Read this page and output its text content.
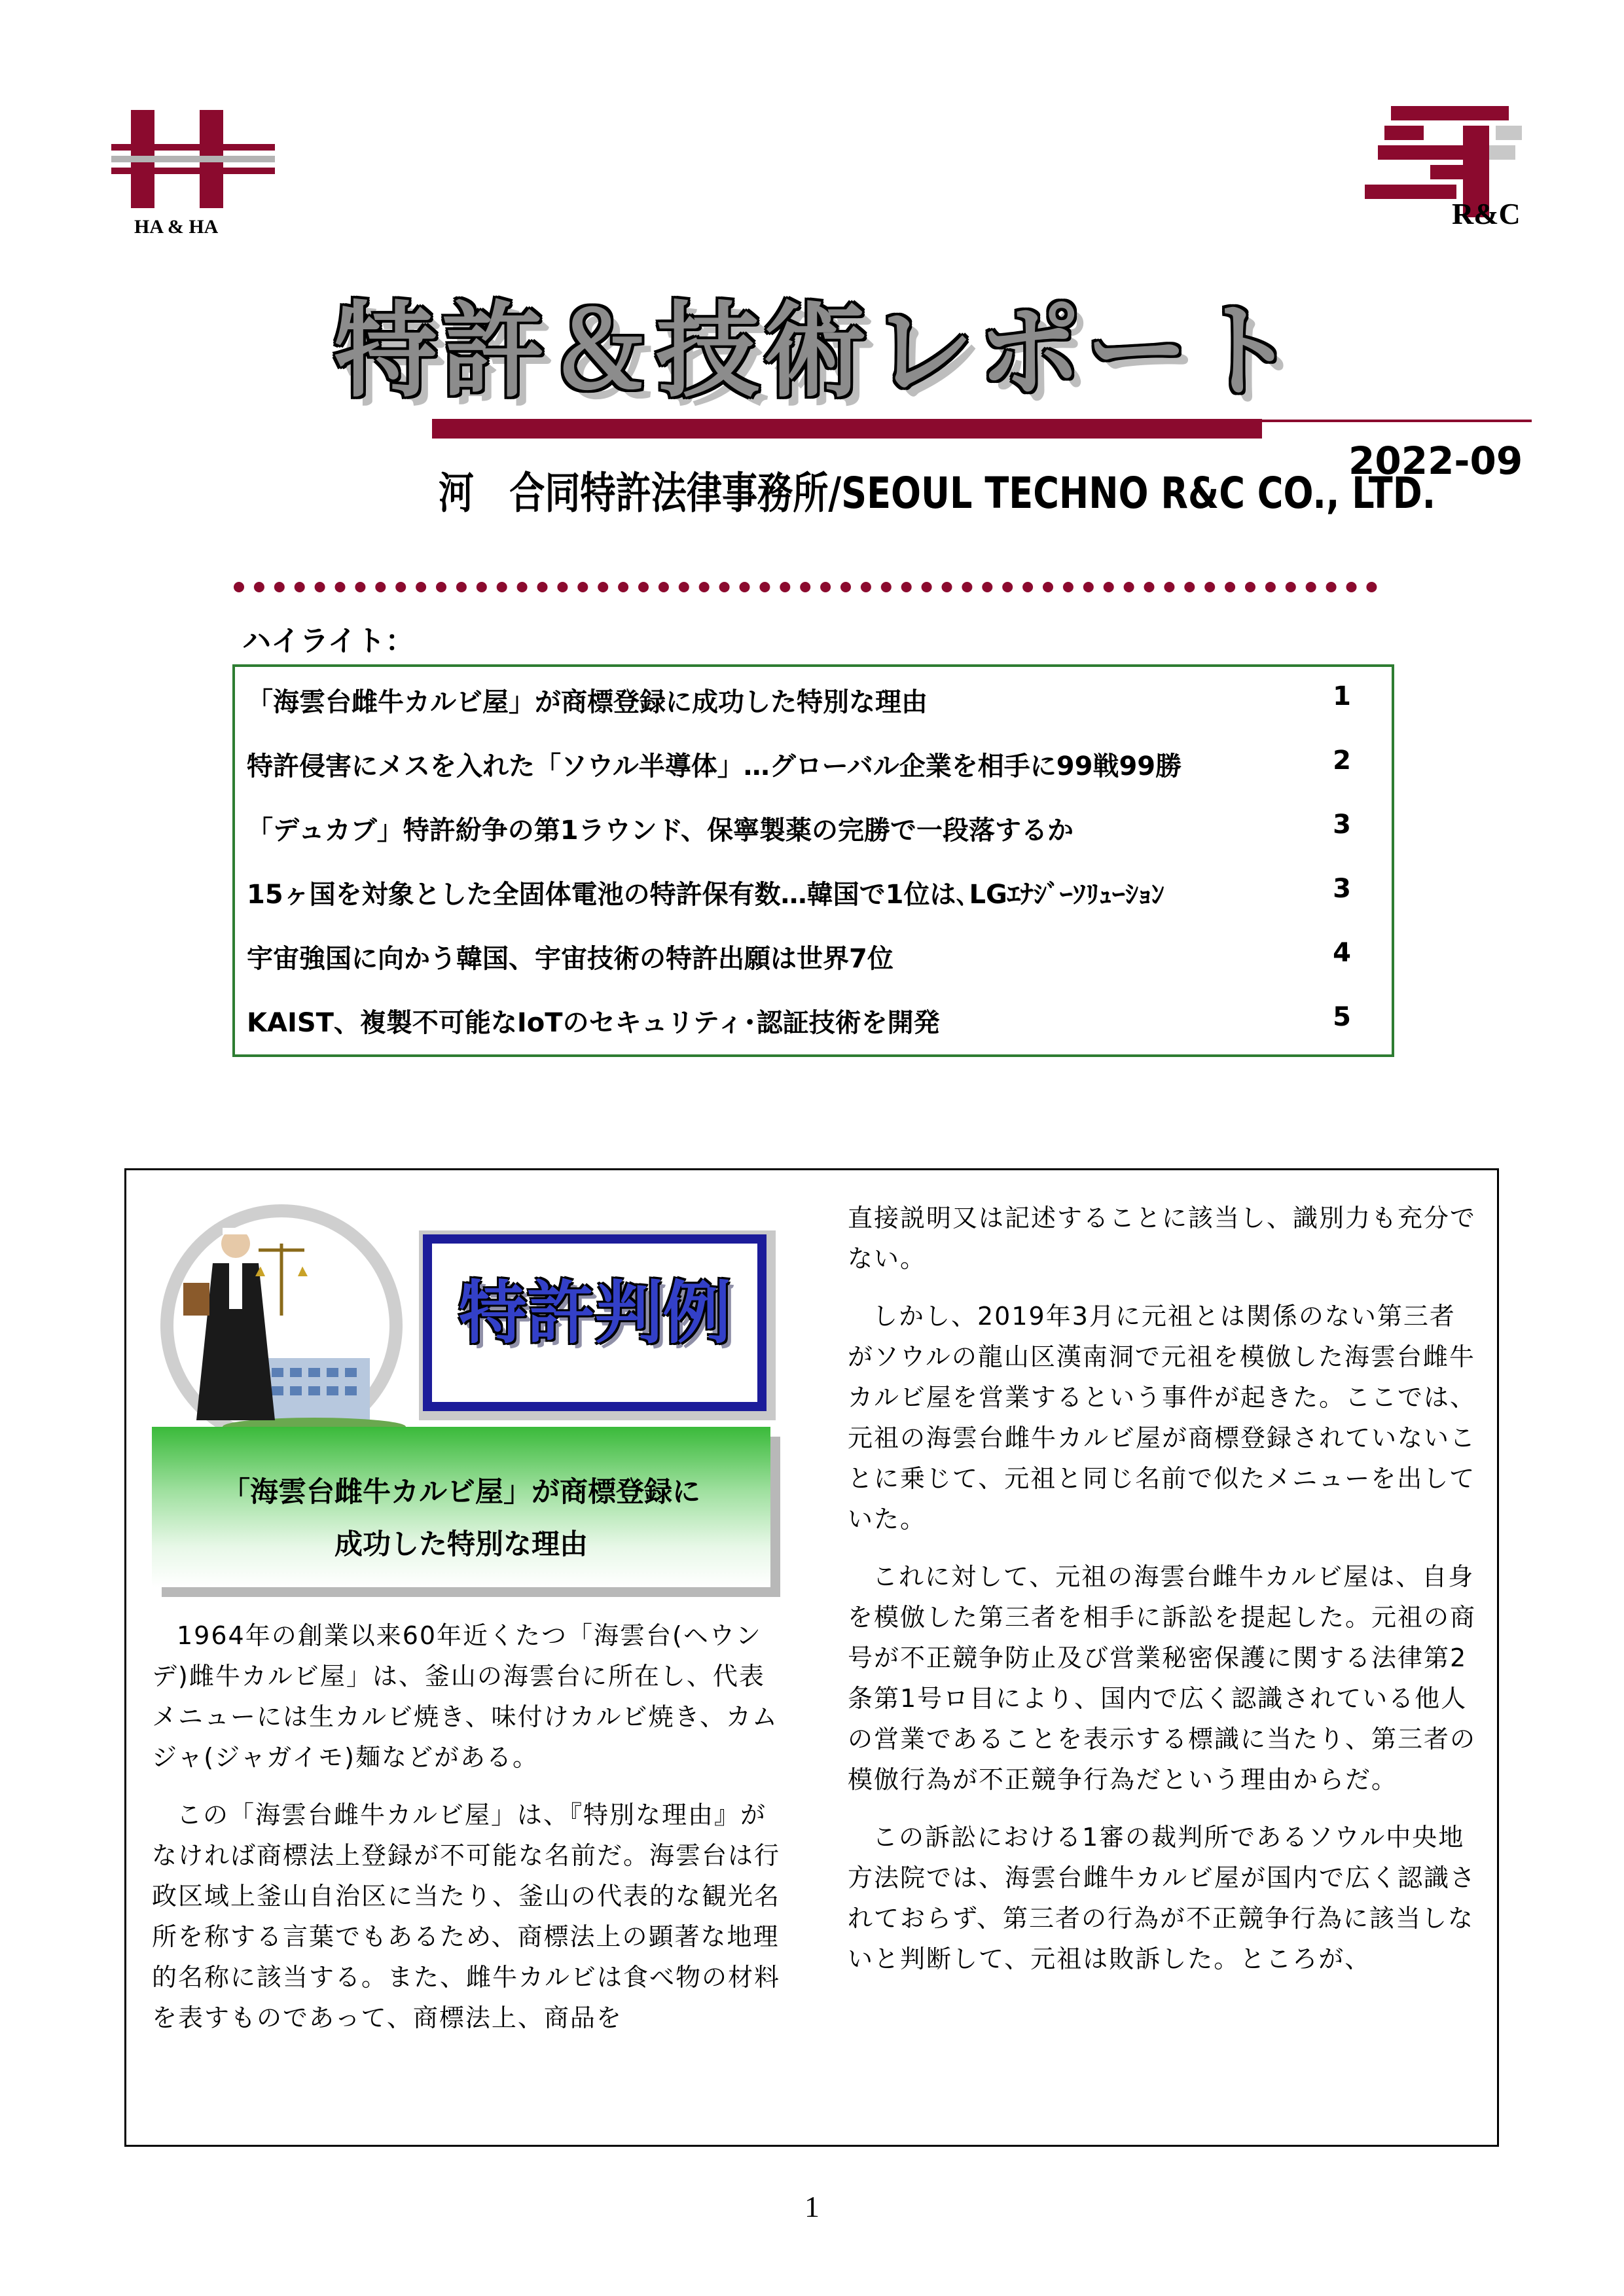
HA & HA	R&C
特許＆技術レポート
河　合同特許法律事務所/SEOUL TECHNO R&C CO., LTD.
2022-09
ハイライト：
「海雲台雌牛カルビ屋」が商標登録に成功した特別な理由	1
特許侵害にメスを入れた「ソウル半導体」…グローバル企業を相手に99戦99勝	2
「デュカブ」特許紛争の第1ラウンド、保寧製薬の完勝で一段落するか	3
15ヶ国を対象とした全固体電池の特許保有数…韓国で1位は､LGｴﾅｼﾞｰｿﾘｭｰｼｮﾝ	3
宇宙強国に向かう韓国、宇宙技術の特許出願は世界7位	4
KAIST、複製不可能なIoTのセキュリティ･認証技術を開発	5
特許判例
「海雲台雌牛カルビ屋」が商標登録に
成功した特別な理由

1964年の創業以来60年近くたつ「海雲台(ヘウンデ)雌牛カルビ屋」は、釜山の海雲台に所在し、代表メニューには生カルビ焼き、味付けカルビ焼き、カムジャ(ジャガイモ)麺などがある。

この「海雲台雌牛カルビ屋」は、『特別な理由』がなければ商標法上登録が不可能な名前だ。海雲台は行政区域上釜山自治区に当たり、釜山の代表的な観光名所を称する言葉でもあるため、商標法上の顕著な地理的名称に該当する。また、雌牛カルビは食べ物の材料を表すものであって、商標法上、商品を

直接説明又は記述することに該当し、識別力も充分でない。

しかし、2019年3月に元祖とは関係のない第三者がソウルの龍山区漢南洞で元祖を模倣した海雲台雌牛カルビ屋を営業するという事件が起きた。ここでは、元祖の海雲台雌牛カルビ屋が商標登録されていないことに乗じて、元祖と同じ名前で似たメニューを出していた。

これに対して、元祖の海雲台雌牛カルビ屋は、自身を模倣した第三者を相手に訴訟を提起した。元祖の商号が不正競争防止及び営業秘密保護に関する法律第2条第1号ロ目により、国内で広く認識されている他人の営業であることを表示する標識に当たり、第三者の模倣行為が不正競争行為だという理由からだ。

この訴訟における1審の裁判所であるソウル中央地方法院では、海雲台雌牛カルビ屋が国内で広く認識されておらず、第三者の行為が不正競争行為に該当しないと判断して、元祖は敗訴した。ところが、

1
